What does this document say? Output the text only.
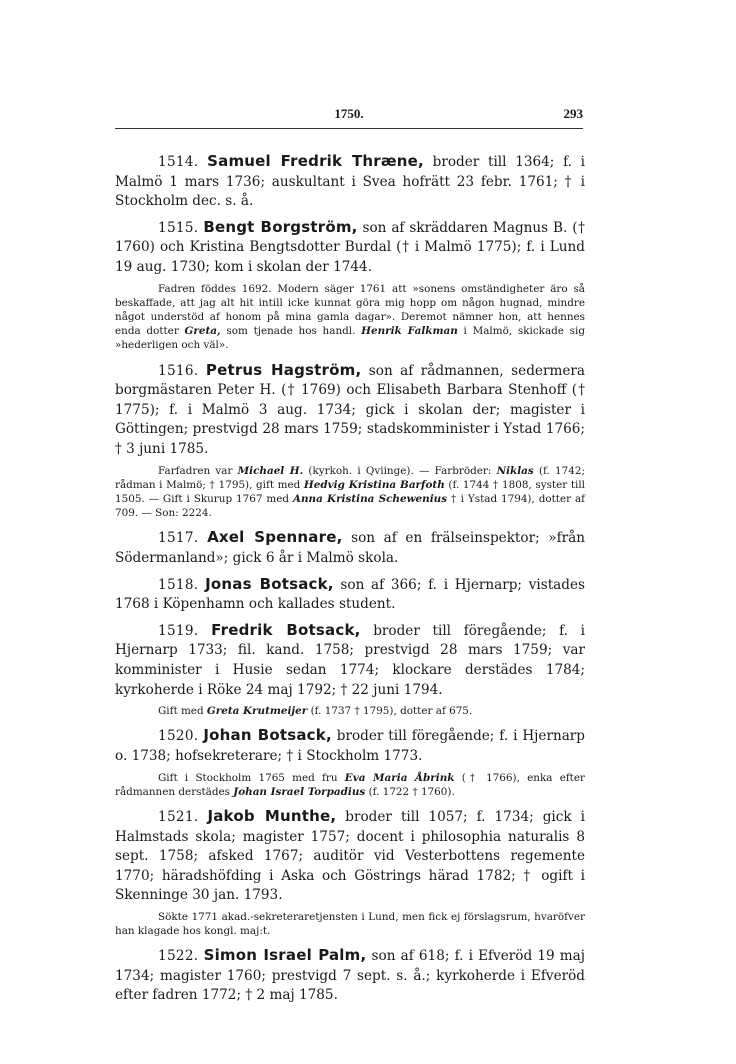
1750.	293

1514. Samuel Fredrik Thræne, broder till 1364; f. i Malmö 1 mars 1736; auskultant i Svea hofrätt 23 febr. 1761; † i Stockholm dec. s. å.

1515. Bengt Borgström, son af skräddaren Magnus B. († 1760) och Kristina Bengtsdotter Burdal († i Malmö 1775); f. i Lund 19 aug. 1730; kom i skolan der 1744.

Fadren föddes 1692. Modern säger 1761 att »sonens omständigheter äro så beskaffade, att jag alt hit intill icke kunnat göra mig hopp om någon hugnad, mindre något understöd af honom på mina gamla dagar». Deremot nämner hon, att hennes enda dotter Greta, som tjenade hos handl. Henrik Falkman i Malmö, skickade sig »hederligen och väl».

1516. Petrus Hagström, son af rådmannen, sedermera borgmästaren Peter H. († 1769) och Elisabeth Barbara Stenhoff († 1775); f. i Malmö 3 aug. 1734; gick i skolan der; magister i Göttingen; prestvigd 28 mars 1759; stadskomminister i Ystad 1766; † 3 juni 1785.

Farfadren var Michael H. (kyrkoh. i Qviinge). — Farbröder: Niklas (f. 1742; rådman i Malmö; † 1795), gift med Hedvig Kristina Barfoth (f. 1744 † 1808, syster till 1505. — Gift i Skurup 1767 med Anna Kristina Schewenius † i Ystad 1794), dotter af 709. — Son: 2224.

1517. Axel Spennare, son af en frälseinspektor; »från Södermanland»; gick 6 år i Malmö skola.

1518. Jonas Botsack, son af 366; f. i Hjernarp; vistades 1768 i Köpenhamn och kallades student.

1519. Fredrik Botsack, broder till föregående; f. i Hjernarp 1733; fil. kand. 1758; prestvigd 28 mars 1759; var komminister i Husie sedan 1774; klockare derstädes 1784; kyrkoherde i Röke 24 maj 1792; † 22 juni 1794.

Gift med Greta Krutmeijer (f. 1737 † 1795), dotter af 675.

1520. Johan Botsack, broder till föregående; f. i Hjernarp o. 1738; hofsekreterare; † i Stockholm 1773.

Gift i Stockholm 1765 med fru Eva Maria Åbrink († 1766), enka efter rådmannen derstädes Johan Israel Torpadius (f. 1722 † 1760).

1521. Jakob Munthe, broder till 1057; f. 1734; gick i Halmstads skola; magister 1757; docent i philosophia naturalis 8 sept. 1758; afsked 1767; auditör vid Vesterbottens regemente 1770; häradshöfding i Aska och Göstrings härad 1782; † ogift i Skenninge 30 jan. 1793.

Sökte 1771 akad.-sekreteraretjensten i Lund, men fick ej förslagsrum, hvaröfver han klagade hos kongl. maj:t.

1522. Simon Israel Palm, son af 618; f. i Efveröd 19 maj 1734; magister 1760; prestvigd 7 sept. s. å.; kyrkoherde i Efveröd efter fadren 1772; † 2 maj 1785.
